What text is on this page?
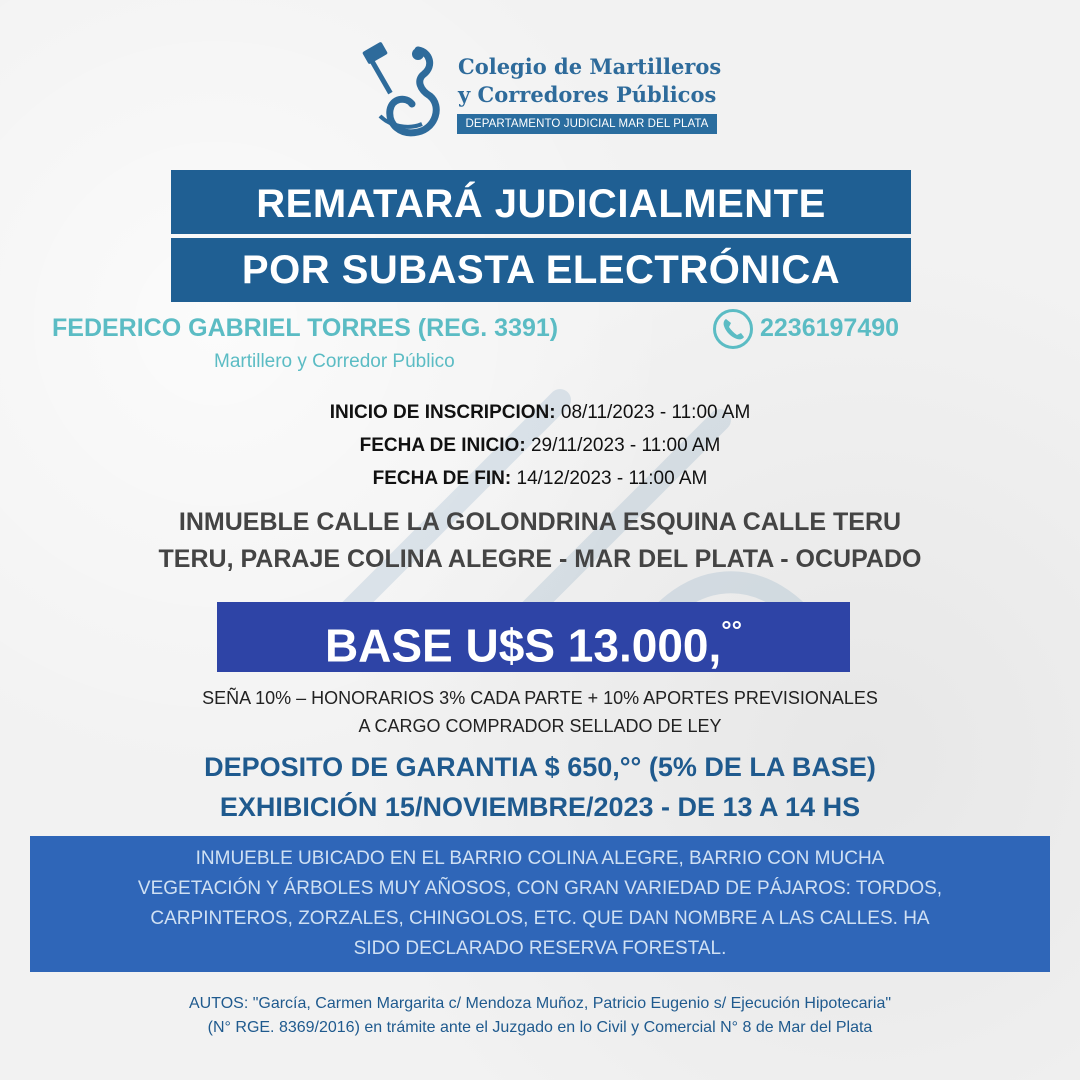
Colegio de Martilleros
y Corredores Públicos
DEPARTAMENTO JUDICIAL MAR DEL PLATA
REMATARÁ JUDICIALMENTE
POR SUBASTA ELECTRÓNICA
FEDERICO GABRIEL TORRES (REG. 3391)
Martillero y Corredor Público
2236197490
INICIO DE INSCRIPCION: 08/11/2023 - 11:00 AM
FECHA DE INICIO: 29/11/2023 - 11:00 AM
FECHA DE FIN: 14/12/2023 - 11:00 AM
INMUEBLE CALLE LA GOLONDRINA ESQUINA CALLE TERU
TERU, PARAJE COLINA ALEGRE - MAR DEL PLATA - OCUPADO
BASE U$S 13.000,°°
SEÑA 10% – HONORARIOS 3% CADA PARTE + 10% APORTES PREVISIONALES
A CARGO COMPRADOR SELLADO DE LEY
DEPOSITO DE GARANTIA $ 650,°° (5% DE LA BASE)
EXHIBICIÓN 15/NOVIEMBRE/2023 - DE 13 A 14 HS
INMUEBLE UBICADO EN EL BARRIO COLINA ALEGRE, BARRIO CON MUCHA
VEGETACIÓN Y ÁRBOLES MUY AÑOSOS, CON GRAN VARIEDAD DE PÁJAROS: TORDOS,
CARPINTEROS, ZORZALES, CHINGOLOS, ETC. QUE DAN NOMBRE A LAS CALLES. HA
SIDO DECLARADO RESERVA FORESTAL.
AUTOS: "García, Carmen Margarita c/ Mendoza Muñoz, Patricio Eugenio s/ Ejecución Hipotecaria"
(N° RGE. 8369/2016) en trámite ante el Juzgado en lo Civil y Comercial N° 8 de Mar del Plata
